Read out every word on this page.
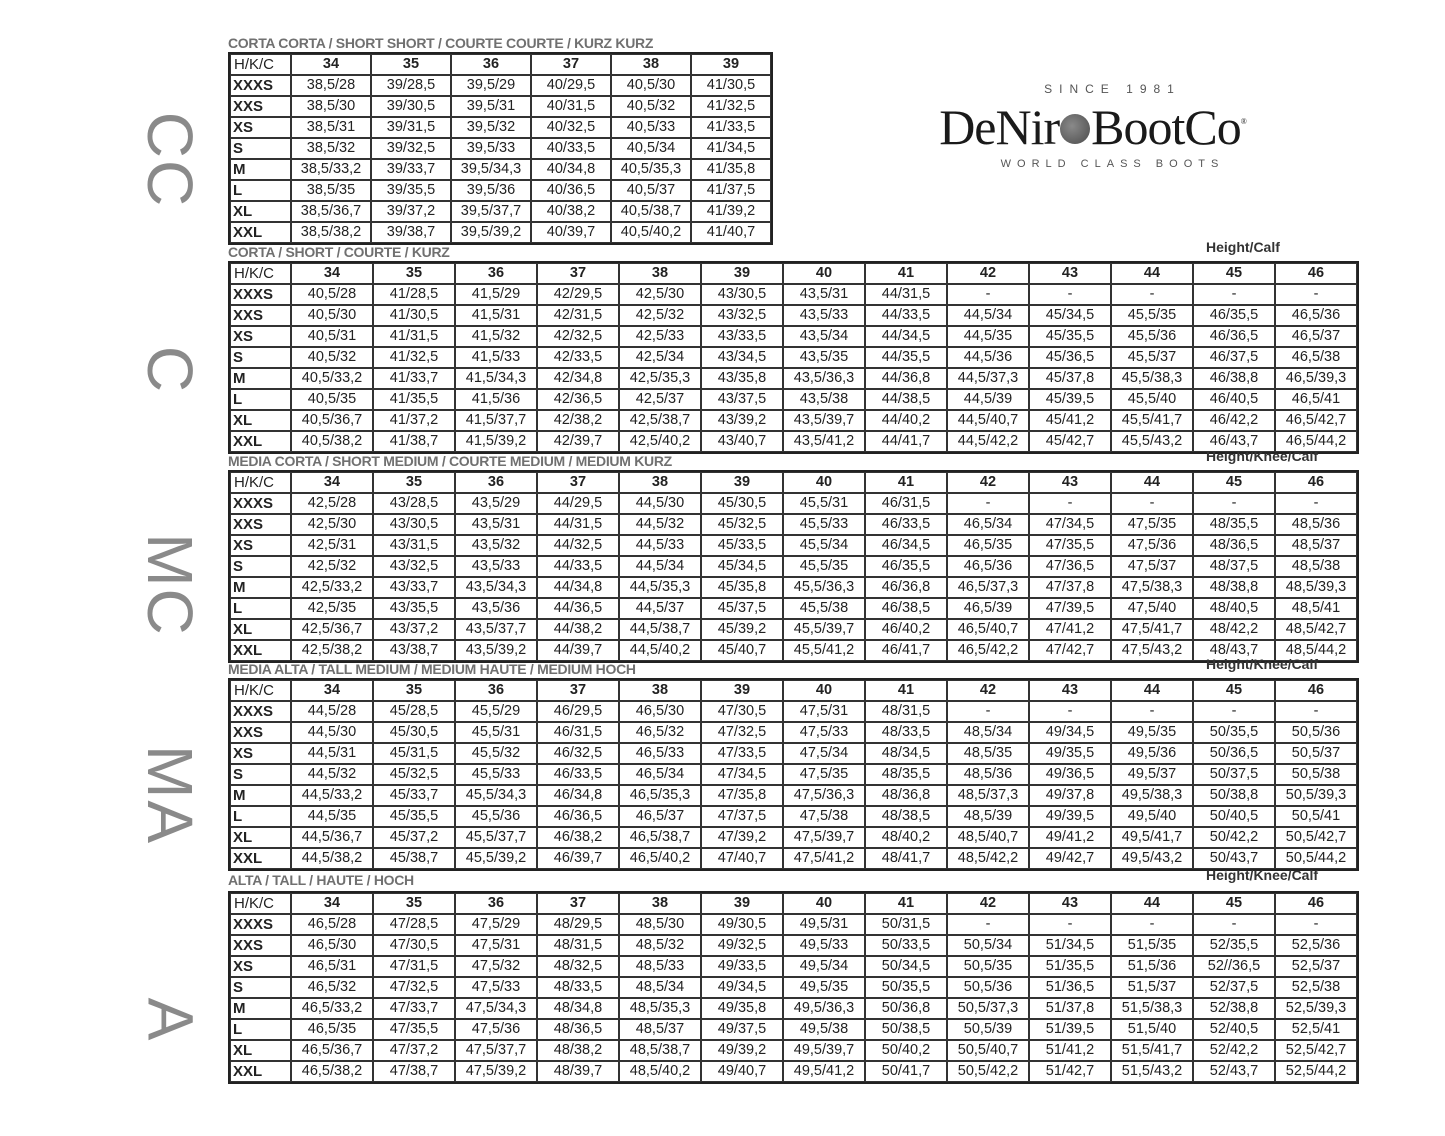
CC
C
MC
MA
A
SINCE 1981
DeNir BootCo ®
WORLD CLASS BOOTS
CORTA CORTA / SHORT SHORT / COURTE COURTE / KURZ KURZ
H/K/C	34	35	36	37	38	39
XXXS	38,5/28	39/28,5	39,5/29	40/29,5	40,5/30	41/30,5
XXS	38,5/30	39/30,5	39,5/31	40/31,5	40,5/32	41/32,5
XS	38,5/31	39/31,5	39,5/32	40/32,5	40,5/33	41/33,5
S	38,5/32	39/32,5	39,5/33	40/33,5	40,5/34	41/34,5
M	38,5/33,2	39/33,7	39,5/34,3	40/34,8	40,5/35,3	41/35,8
L	38,5/35	39/35,5	39,5/36	40/36,5	40,5/37	41/37,5
XL	38,5/36,7	39/37,2	39,5/37,7	40/38,2	40,5/38,7	41/39,2
XXL	38,5/38,2	39/38,7	39,5/39,2	40/39,7	40,5/40,2	41/40,7
CORTA / SHORT / COURTE / KURZ	Height/Calf
H/K/C	34	35	36	37	38	39	40	41	42	43	44	45	46
XXXS	40,5/28	41/28,5	41,5/29	42/29,5	42,5/30	43/30,5	43,5/31	44/31,5	-	-	-	-	-
XXS	40,5/30	41/30,5	41,5/31	42/31,5	42,5/32	43/32,5	43,5/33	44/33,5	44,5/34	45/34,5	45,5/35	46/35,5	46,5/36
XS	40,5/31	41/31,5	41,5/32	42/32,5	42,5/33	43/33,5	43,5/34	44/34,5	44,5/35	45/35,5	45,5/36	46/36,5	46,5/37
S	40,5/32	41/32,5	41,5/33	42/33,5	42,5/34	43/34,5	43,5/35	44/35,5	44,5/36	45/36,5	45,5/37	46/37,5	46,5/38
M	40,5/33,2	41/33,7	41,5/34,3	42/34,8	42,5/35,3	43/35,8	43,5/36,3	44/36,8	44,5/37,3	45/37,8	45,5/38,3	46/38,8	46,5/39,3
L	40,5/35	41/35,5	41,5/36	42/36,5	42,5/37	43/37,5	43,5/38	44/38,5	44,5/39	45/39,5	45,5/40	46/40,5	46,5/41
XL	40,5/36,7	41/37,2	41,5/37,7	42/38,2	42,5/38,7	43/39,2	43,5/39,7	44/40,2	44,5/40,7	45/41,2	45,5/41,7	46/42,2	46,5/42,7
XXL	40,5/38,2	41/38,7	41,5/39,2	42/39,7	42,5/40,2	43/40,7	43,5/41,2	44/41,7	44,5/42,2	45/42,7	45,5/43,2	46/43,7	46,5/44,2
MEDIA CORTA / SHORT MEDIUM / COURTE MEDIUM / MEDIUM KURZ	Height/Knee/Calf
H/K/C	34	35	36	37	38	39	40	41	42	43	44	45	46
XXXS	42,5/28	43/28,5	43,5/29	44/29,5	44,5/30	45/30,5	45,5/31	46/31,5	-	-	-	-	-
XXS	42,5/30	43/30,5	43,5/31	44/31,5	44,5/32	45/32,5	45,5/33	46/33,5	46,5/34	47/34,5	47,5/35	48/35,5	48,5/36
XS	42,5/31	43/31,5	43,5/32	44/32,5	44,5/33	45/33,5	45,5/34	46/34,5	46,5/35	47/35,5	47,5/36	48/36,5	48,5/37
S	42,5/32	43/32,5	43,5/33	44/33,5	44,5/34	45/34,5	45,5/35	46/35,5	46,5/36	47/36,5	47,5/37	48/37,5	48,5/38
M	42,5/33,2	43/33,7	43,5/34,3	44/34,8	44,5/35,3	45/35,8	45,5/36,3	46/36,8	46,5/37,3	47/37,8	47,5/38,3	48/38,8	48,5/39,3
L	42,5/35	43/35,5	43,5/36	44/36,5	44,5/37	45/37,5	45,5/38	46/38,5	46,5/39	47/39,5	47,5/40	48/40,5	48,5/41
XL	42,5/36,7	43/37,2	43,5/37,7	44/38,2	44,5/38,7	45/39,2	45,5/39,7	46/40,2	46,5/40,7	47/41,2	47,5/41,7	48/42,2	48,5/42,7
XXL	42,5/38,2	43/38,7	43,5/39,2	44/39,7	44,5/40,2	45/40,7	45,5/41,2	46/41,7	46,5/42,2	47/42,7	47,5/43,2	48/43,7	48,5/44,2
MEDIA ALTA / TALL MEDIUM / MEDIUM HAUTE / MEDIUM HOCH	Height/Knee/Calf
H/K/C	34	35	36	37	38	39	40	41	42	43	44	45	46
XXXS	44,5/28	45/28,5	45,5/29	46/29,5	46,5/30	47/30,5	47,5/31	48/31,5	-	-	-	-	-
XXS	44,5/30	45/30,5	45,5/31	46/31,5	46,5/32	47/32,5	47,5/33	48/33,5	48,5/34	49/34,5	49,5/35	50/35,5	50,5/36
XS	44,5/31	45/31,5	45,5/32	46/32,5	46,5/33	47/33,5	47,5/34	48/34,5	48,5/35	49/35,5	49,5/36	50/36,5	50,5/37
S	44,5/32	45/32,5	45,5/33	46/33,5	46,5/34	47/34,5	47,5/35	48/35,5	48,5/36	49/36,5	49,5/37	50/37,5	50,5/38
M	44,5/33,2	45/33,7	45,5/34,3	46/34,8	46,5/35,3	47/35,8	47,5/36,3	48/36,8	48,5/37,3	49/37,8	49,5/38,3	50/38,8	50,5/39,3
L	44,5/35	45/35,5	45,5/36	46/36,5	46,5/37	47/37,5	47,5/38	48/38,5	48,5/39	49/39,5	49,5/40	50/40,5	50,5/41
XL	44,5/36,7	45/37,2	45,5/37,7	46/38,2	46,5/38,7	47/39,2	47,5/39,7	48/40,2	48,5/40,7	49/41,2	49,5/41,7	50/42,2	50,5/42,7
XXL	44,5/38,2	45/38,7	45,5/39,2	46/39,7	46,5/40,2	47/40,7	47,5/41,2	48/41,7	48,5/42,2	49/42,7	49,5/43,2	50/43,7	50,5/44,2
ALTA / TALL / HAUTE / HOCH	Height/Knee/Calf
H/K/C	34	35	36	37	38	39	40	41	42	43	44	45	46
XXXS	46,5/28	47/28,5	47,5/29	48/29,5	48,5/30	49/30,5	49,5/31	50/31,5	-	-	-	-	-
XXS	46,5/30	47/30,5	47,5/31	48/31,5	48,5/32	49/32,5	49,5/33	50/33,5	50,5/34	51/34,5	51,5/35	52/35,5	52,5/36
XS	46,5/31	47/31,5	47,5/32	48/32,5	48,5/33	49/33,5	49,5/34	50/34,5	50,5/35	51/35,5	51,5/36	52//36,5	52,5/37
S	46,5/32	47/32,5	47,5/33	48/33,5	48,5/34	49/34,5	49,5/35	50/35,5	50,5/36	51/36,5	51,5/37	52/37,5	52,5/38
M	46,5/33,2	47/33,7	47,5/34,3	48/34,8	48,5/35,3	49/35,8	49,5/36,3	50/36,8	50,5/37,3	51/37,8	51,5/38,3	52/38,8	52,5/39,3
L	46,5/35	47/35,5	47,5/36	48/36,5	48,5/37	49/37,5	49,5/38	50/38,5	50,5/39	51/39,5	51,5/40	52/40,5	52,5/41
XL	46,5/36,7	47/37,2	47,5/37,7	48/38,2	48,5/38,7	49/39,2	49,5/39,7	50/40,2	50,5/40,7	51/41,2	51,5/41,7	52/42,2	52,5/42,7
XXL	46,5/38,2	47/38,7	47,5/39,2	48/39,7	48,5/40,2	49/40,7	49,5/41,2	50/41,7	50,5/42,2	51/42,7	51,5/43,2	52/43,7	52,5/44,2
